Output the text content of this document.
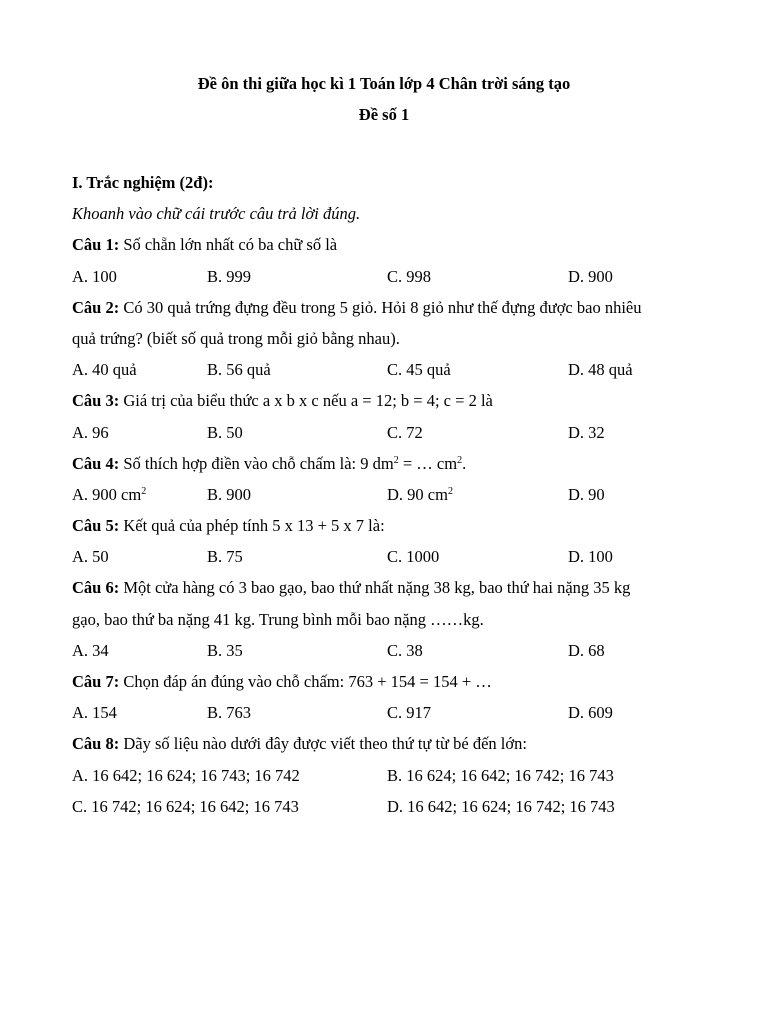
Đề ôn thi giữa học kì 1 Toán lớp 4 Chân trời sáng tạo
Đề số 1
I. Trắc nghiệm (2đ):
Khoanh vào chữ cái trước câu trả lời đúng.
Câu 1: Số chẵn lớn nhất có ba chữ số là
A. 100	B. 999	C. 998	D. 900
Câu 2: Có 30 quả trứng đựng đều trong 5 giỏ. Hỏi 8 giỏ như thế đựng được bao nhiêu
quả trứng? (biết số quả trong mỗi giỏ bằng nhau).
A. 40 quả	B. 56 quả	C. 45 quả	D. 48 quả
Câu 3: Giá trị của biểu thức a x b x c nếu a = 12; b = 4; c = 2 là
A. 96	B. 50	C. 72	D. 32
Câu 4: Số thích hợp điền vào chỗ chấm là: 9 $dm^2$ = … $cm^2$.
A. 900 $cm^2$	B. 900	D. 90 $cm^2$	D. 90
Câu 5: Kết quả của phép tính 5 x 13 + 5 x 7 là:
A. 50	B. 75	C. 1000	D. 100
Câu 6: Một cửa hàng có 3 bao gạo, bao thứ nhất nặng 38 kg, bao thứ hai nặng 35 kg
gạo, bao thứ ba nặng 41 kg. Trung bình mỗi bao nặng ……kg.
A. 34	B. 35	C. 38	D. 68
Câu 7: Chọn đáp án đúng vào chỗ chấm: 763 + 154 = 154 + …
A. 154	B. 763	C. 917	D. 609
Câu 8: Dãy số liệu nào dưới đây được viết theo thứ tự từ bé đến lớn:
A. 16 642; 16 624; 16 743; 16 742	B. 16 624; 16 642; 16 742; 16 743
C. 16 742; 16 624; 16 642; 16 743	D. 16 642; 16 624; 16 742; 16 743
